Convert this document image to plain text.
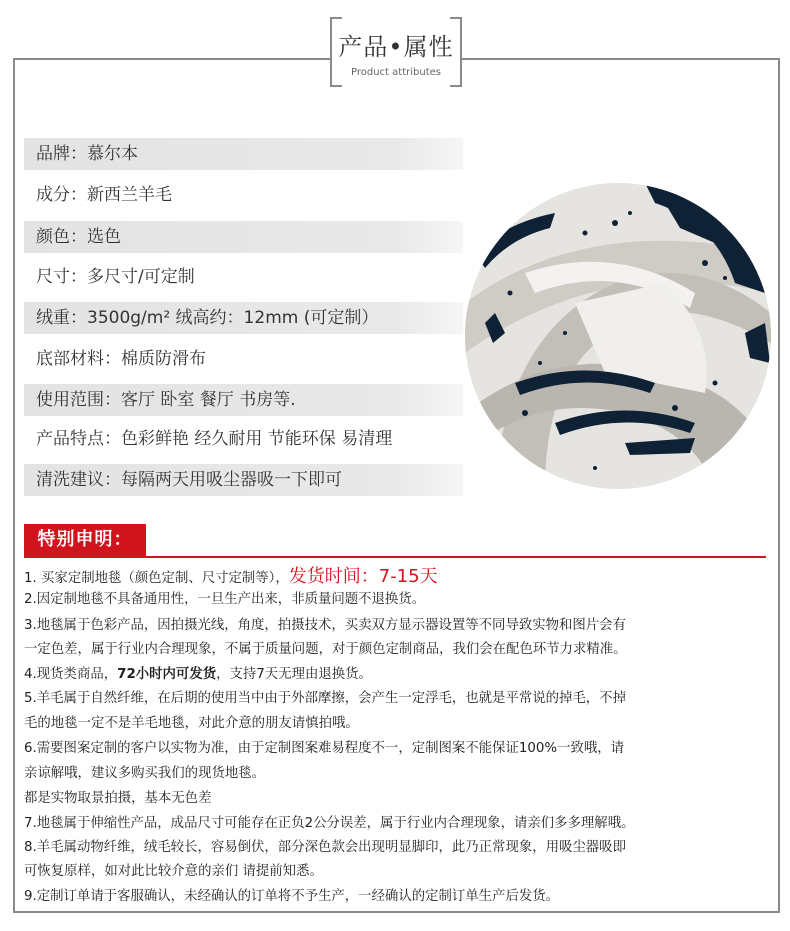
产品•属性
Product attributes
品牌：慕尔本
成分：新西兰羊毛
颜色：选色
尺寸：多尺寸/可定制
绒重：3500g/m² 绒高约：12mm (可定制）
底部材料：棉质防滑布
使用范围：客厅 卧室 餐厅 书房等.
产品特点：色彩鲜艳 经久耐用 节能环保 易清理
清洗建议：每隔两天用吸尘器吸一下即可
特别申明：
1. 买家定制地毯（颜色定制、尺寸定制等），发货时间：7-15天
2.因定制地毯不具备通用性，一旦生产出来，非质量问题不退换货。
3.地毯属于色彩产品，因拍摄光线，角度，拍摄技术，买卖双方显示器设置等不同导致实物和图片会有
一定色差，属于行业内合理现象，不属于质量问题，对于颜色定制商品，我们会在配色环节力求精准。
4.现货类商品，72小时内可发货，支持7天无理由退换货。
5.羊毛属于自然纤维，在后期的使用当中由于外部摩擦，会产生一定浮毛，也就是平常说的掉毛，不掉
毛的地毯一定不是羊毛地毯，对此介意的朋友请慎拍哦。
6.需要图案定制的客户以实物为准，由于定制图案难易程度不一，定制图案不能保证100%一致哦，请
亲谅解哦，建议多购买我们的现货地毯。
都是实物取景拍摄，基本无色差
7.地毯属于伸缩性产品，成品尺寸可能存在正负2公分误差，属于行业内合理现象，请亲们多多理解哦。
8.羊毛属动物纤维，绒毛较长，容易倒伏，部分深色款会出现明显脚印，此乃正常现象，用吸尘器吸即
可恢复原样，如对此比较介意的亲们 请提前知悉。
9.定制订单请于客服确认，未经确认的订单将不予生产，一经确认的定制订单生产后发货。
